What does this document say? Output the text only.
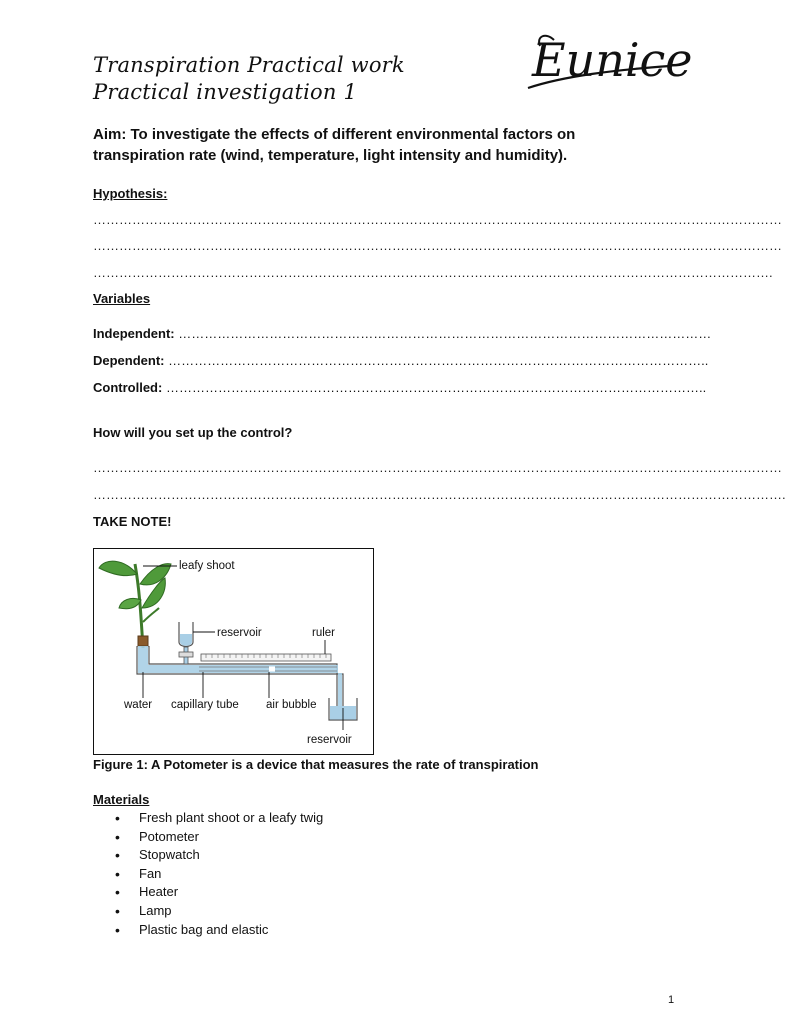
Transpiration Practical work
Practical investigation 1
Eunice
Aim: To investigate the effects of different environmental factors on transpiration rate (wind, temperature, light intensity and humidity).
Hypothesis:
……………………………………………………………………………………………………………………………………………
……………………………………………………………………………………………………………………………………………
………………………………………………………………………………………………………………………………………….
Variables
Independent: ……………………………………………………………………………………………………………
Dependent: ……………………………………………………………………………………………………………..
Controlled: ……………………………………………………………………………………………………………..
How will you set up the control?
……………………………………………………………………………………………………………………………………………
…………………………………………………………………………………………………………………………………………….
TAKE NOTE!
leafy shoot
reservoir	ruler
water capillary tube air bubble
reservoir
Figure 1: A Potometer is a device that measures the rate of transpiration
Materials
• Fresh plant shoot or a leafy twig
• Potometer
• Stopwatch
• Fan
• Heater
• Lamp
• Plastic bag and elastic
1
